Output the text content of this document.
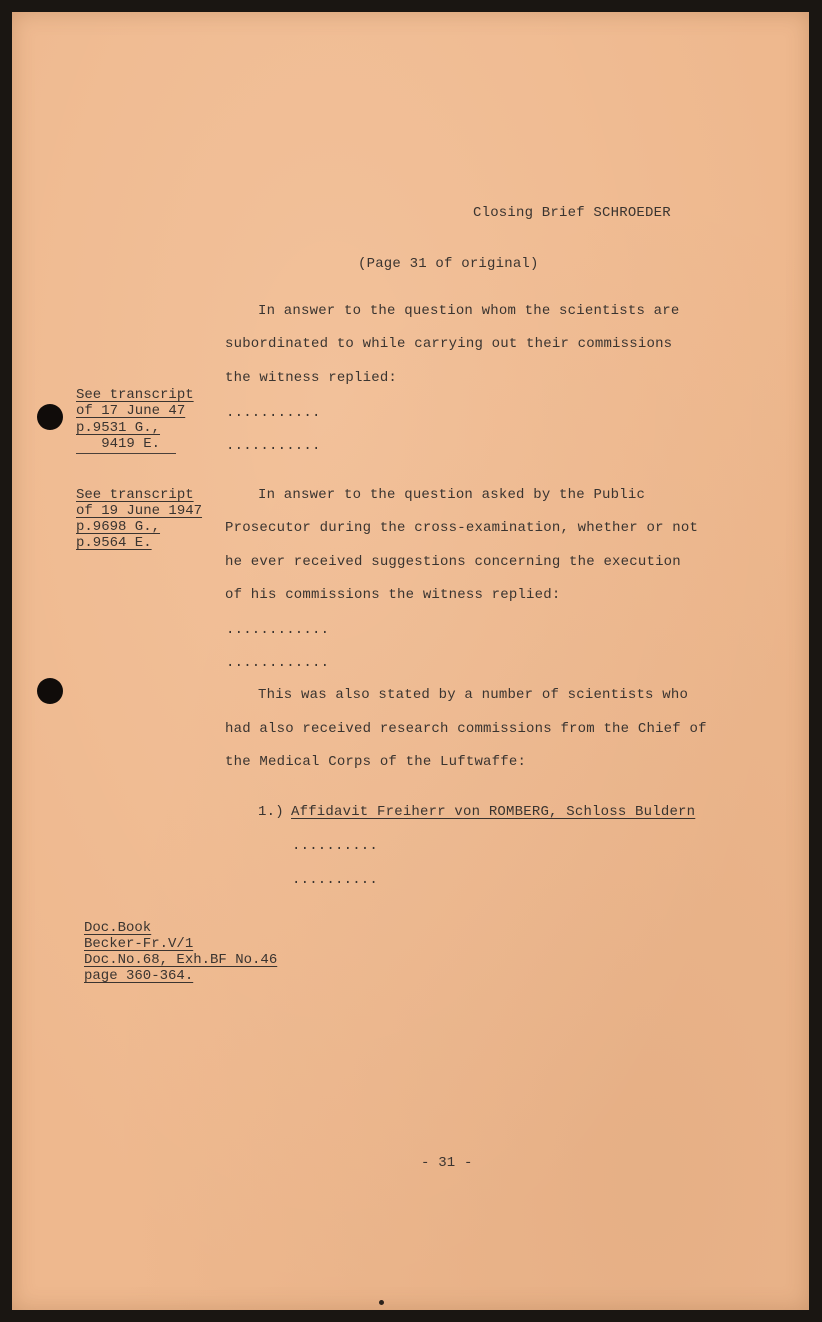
Closing Brief SCHROEDER
(Page 31 of original)
In answer to the question whom the scientists are
subordinated to while carrying out their commissions
the witness replied:
...........
...........
See transcript
of 17 June 47
p.9531 G.,
9419 E.
In answer to the question asked by the Public
Prosecutor during the cross-examination, whether or not
he ever received suggestions concerning the execution
of his commissions the witness replied:
............
............
See transcript
of 19 June 1947
p.9698 G.,
p.9564 E.
This was also stated by a number of scientists who
had also received research commissions from the Chief of
the Medical Corps of the Luftwaffe:
1.) Affidavit Freiherr von ROMBERG, Schloss Buldern
..........
..........
Doc.Book
Becker-Fr.V/1
Doc.No.68, Exh.BF No.46
page 360-364.
- 31 -
